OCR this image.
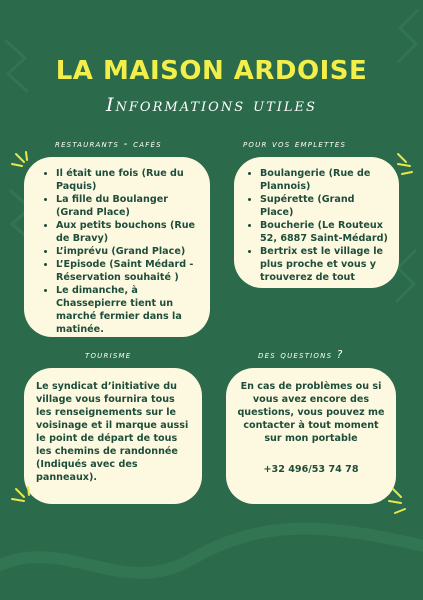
LA MAISON ARDOISE
Informations utiles
restaurants - cafés
• Il était une fois (Rue du Paquis)
• La fille du Boulanger (Grand Place)
• Aux petits bouchons (Rue de Bravy)
• L’imprévu (Grand Place)
• L’Episode (Saint Médard - Réservation souhaité )
• Le dimanche, à Chassepierre tient un marché fermier dans la matinée.
pour vos emplettes
• Boulangerie (Rue de Plannois)
• Supérette (Grand Place)
• Boucherie (Le Routeux 52, 6887 Saint-Médard)
• Bertrix est le village le plus proche et vous y trouverez de tout
tourisme

Le syndicat d’initiative du village vous fournira tous les renseignements sur le voisinage et il marque aussi le point de départ de tous les chemins de randonnée (Indiqués avec des panneaux).

des questions ?

En cas de problèmes ou si vous avez encore des questions, vous pouvez me contacter à tout moment sur mon portable

+32 496/53 74 78
